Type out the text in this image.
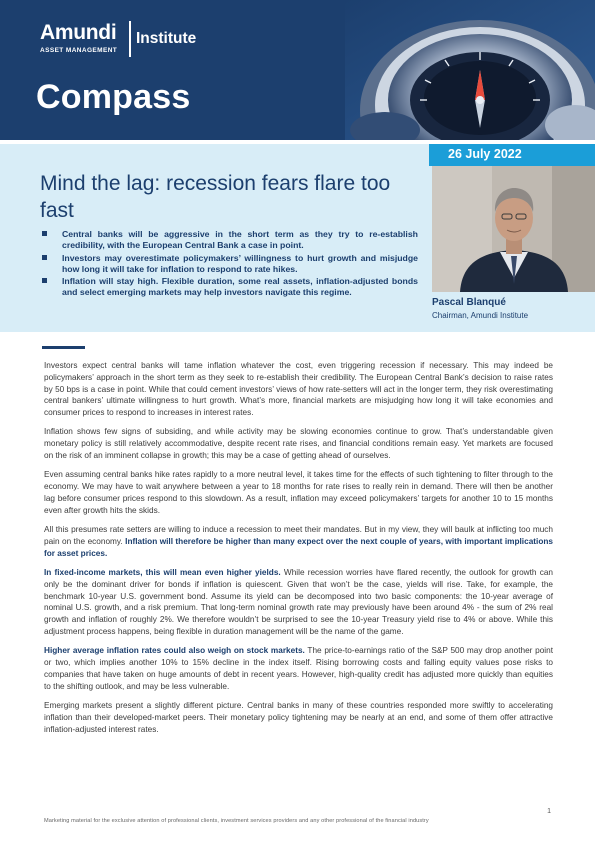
Amundi
ASSET MANAGEMENT
Institute
Compass
26 July 2022
Pascal Blanqué
Chairman, Amundi Institute
Mind the lag: recession fears flare too fast
Central banks will be aggressive in the short term as they try to re-establish credibility, with the European Central Bank a case in point.
Investors may overestimate policymakers’ willingness to hurt growth and misjudge how long it will take for inflation to respond to rate hikes.
Inflation will stay high. Flexible duration, some real assets, inflation-adjusted bonds and select emerging markets may help investors navigate this regime.

Investors expect central banks will tame inflation whatever the cost, even triggering recession if necessary. This may indeed be policymakers’ approach in the short term as they seek to re-establish their credibility. The European Central Bank’s decision to raise rates by 50 bps is a case in point. While that could cement investors’ views of how rate-setters will act in the longer term, they risk overestimating central bankers’ ultimate willingness to hurt growth. What’s more, financial markets are misjudging how long it will take economies and consumer prices to respond to increases in interest rates.

Inflation shows few signs of subsiding, and while activity may be slowing economies continue to grow. That’s understandable given monetary policy is still relatively accommodative, despite recent rate rises, and financial conditions remain easy. Yet markets are focused on the risk of an imminent collapse in growth; this may be a case of getting ahead of ourselves.

Even assuming central banks hike rates rapidly to a more neutral level, it takes time for the effects of such tightening to filter through to the economy. We may have to wait anywhere between a year to 18 months for rate rises to really rein in demand. There will then be another lag before consumer prices respond to this slowdown. As a result, inflation may exceed policymakers’ targets for another 10 to 15 months even after growth hits the skids.

All this presumes rate setters are willing to induce a recession to meet their mandates. But in my view, they will baulk at inflicting too much pain on the economy. Inflation will therefore be higher than many expect over the next couple of years, with important implications for asset prices.

In fixed-income markets, this will mean even higher yields. While recession worries have flared recently, the outlook for growth can only be the dominant driver for bonds if inflation is quiescent. Given that won’t be the case, yields will rise. Take, for example, the benchmark 10-year U.S. government bond. Assume its yield can be decomposed into two basic components: the 10-year average of nominal U.S. growth, and a risk premium. That long-term nominal growth rate may previously have been around 4% - the sum of 2% real growth and inflation of roughly 2%. We therefore wouldn’t be surprised to see the 10-year Treasury yield rise to 4% or above. While this adjustment process happens, being flexible in duration management will be the name of the game.

Higher average inflation rates could also weigh on stock markets. The price-to-earnings ratio of the S&P 500 may drop another point or two, which implies another 10% to 15% decline in the index itself. Rising borrowing costs and falling equity values pose risks to companies that have taken on huge amounts of debt in recent years. However, high-quality credit has adjusted more quickly than equities to the shifting outlook, and may be less vulnerable.

Emerging markets present a slightly different picture. Central banks in many of these countries responded more swiftly to accelerating inflation than their developed-market peers. Their monetary policy tightening may be nearly at an end, and some of them offer attractive inflation-adjusted interest rates.

1
Marketing material for the exclusive attention of professional clients, investment services providers and any other professional of the financial industry
